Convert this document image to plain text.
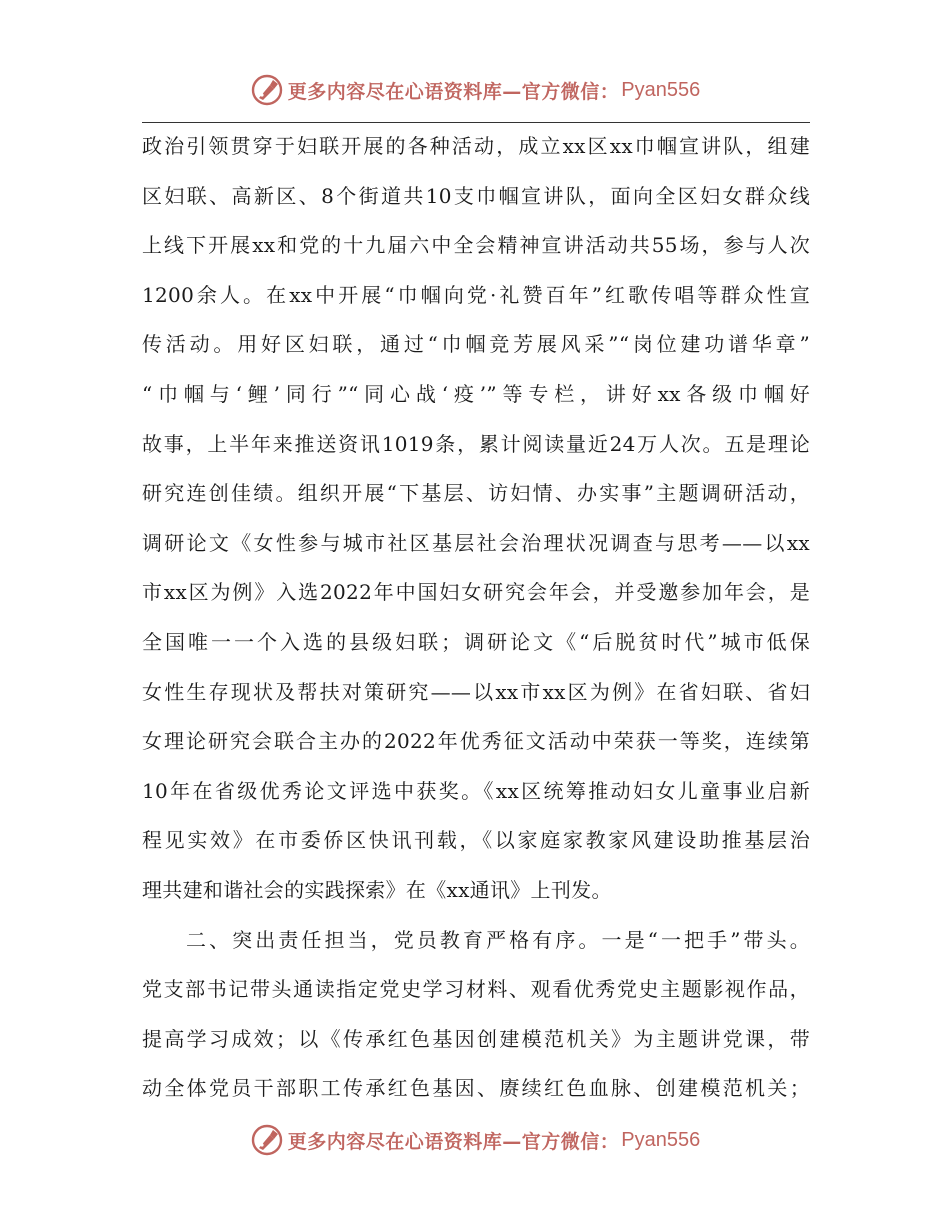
更多内容尽在心语资料库—官方微信： Pyan556
政治引领贯穿于妇联开展的各种活动，成立xx区xx巾帼宣讲队，组建
区妇联、高新区、8个街道共10支巾帼宣讲队，面向全区妇女群众线
上线下开展xx和党的十九届六中全会精神宣讲活动共55场，参与人次
1200余人。在xx中开展“巾帼向党·礼赞百年”红歌传唱等群众性宣
传活动。用好区妇联，通过“巾帼竞芳展风采”“岗位建功谱华章”
“巾帼与‘鲤’同行”“同心战‘疫’”等专栏，讲好xx各级巾帼好
故事，上半年来推送资讯1019条，累计阅读量近24万人次。五是理论
研究连创佳绩。组织开展“下基层、访妇情、办实事”主题调研活动，
调研论文《女性参与城市社区基层社会治理状况调查与思考——以xx
市xx区为例》入选2022年中国妇女研究会年会，并受邀参加年会，是
全国唯一一个入选的县级妇联；调研论文《“后脱贫时代”城市低保
女性生存现状及帮扶对策研究——以xx市xx区为例》在省妇联、省妇
女理论研究会联合主办的2022年优秀征文活动中荣获一等奖，连续第
10年在省级优秀论文评选中获奖。《xx区统筹推动妇女儿童事业启新
程见实效》在市委侨区快讯刊载，《以家庭家教家风建设助推基层治
理共建和谐社会的实践探索》在《xx通讯》上刊发。
二、突出责任担当，党员教育严格有序。一是“一把手”带头。
党支部书记带头通读指定党史学习材料、观看优秀党史主题影视作品，
提高学习成效；以《传承红色基因创建模范机关》为主题讲党课，带
动全体党员干部职工传承红色基因、赓续红色血脉、创建模范机关；
更多内容尽在心语资料库—官方微信： Pyan556
